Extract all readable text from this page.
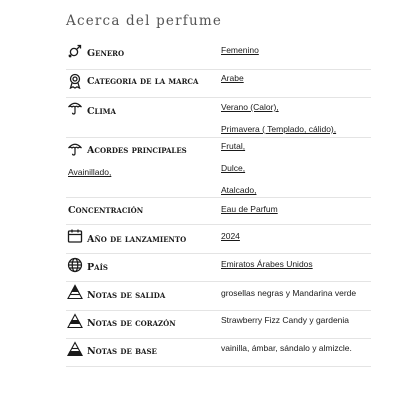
Acerca del perfume
Genero	Femenino
Categoria de la marca	Arabe
Clima	Verano (Calor),
Primavera ( Templado, cálido),
Acordes principales	Frutal,
Dulce,
Atalcado,
Avainillado,
Concentración	Eau de Parfum
Año de lanzamiento	2024
País	Emiratos Árabes Unidos
Notas de salida	grosellas negras y Mandarina verde
Notas de corazón	Strawberry Fizz Candy y gardenia
Notas de base	vainilla, ámbar, sándalo y almizcle.
